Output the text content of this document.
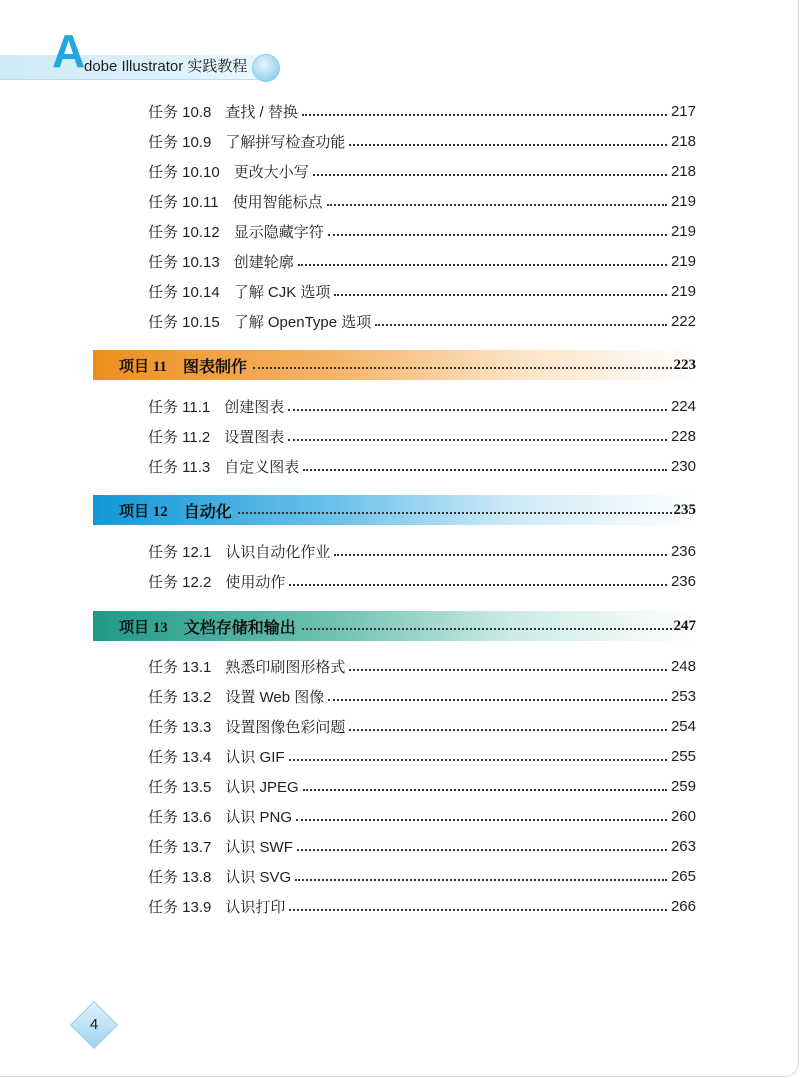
A
dobe Illustrator 实践教程
任务 10.8 查找 / 替换	217
任务 10.9 了解拼写检查功能	218
任务 10.10 更改大小写	218
任务 10.11 使用智能标点	219
任务 10.12 显示隐藏字符	219
任务 10.13 创建轮廓	219
任务 10.14 了解 CJK 选项	219
任务 10.15 了解 OpenType 选项	222
项目 11 图表制作	223
任务 11.1 创建图表	224
任务 11.2 设置图表	228
任务 11.3 自定义图表	230
项目 12 自动化	235
任务 12.1 认识自动化作业	236
任务 12.2 使用动作	236
项目 13 文档存储和输出	247
任务 13.1 熟悉印刷图形格式	248
任务 13.2 设置 Web 图像	253
任务 13.3 设置图像色彩问题	254
任务 13.4 认识 GIF	255
任务 13.5 认识 JPEG	259
任务 13.6 认识 PNG	260
任务 13.7 认识 SWF	263
任务 13.8 认识 SVG	265
任务 13.9 认识打印	266
4
